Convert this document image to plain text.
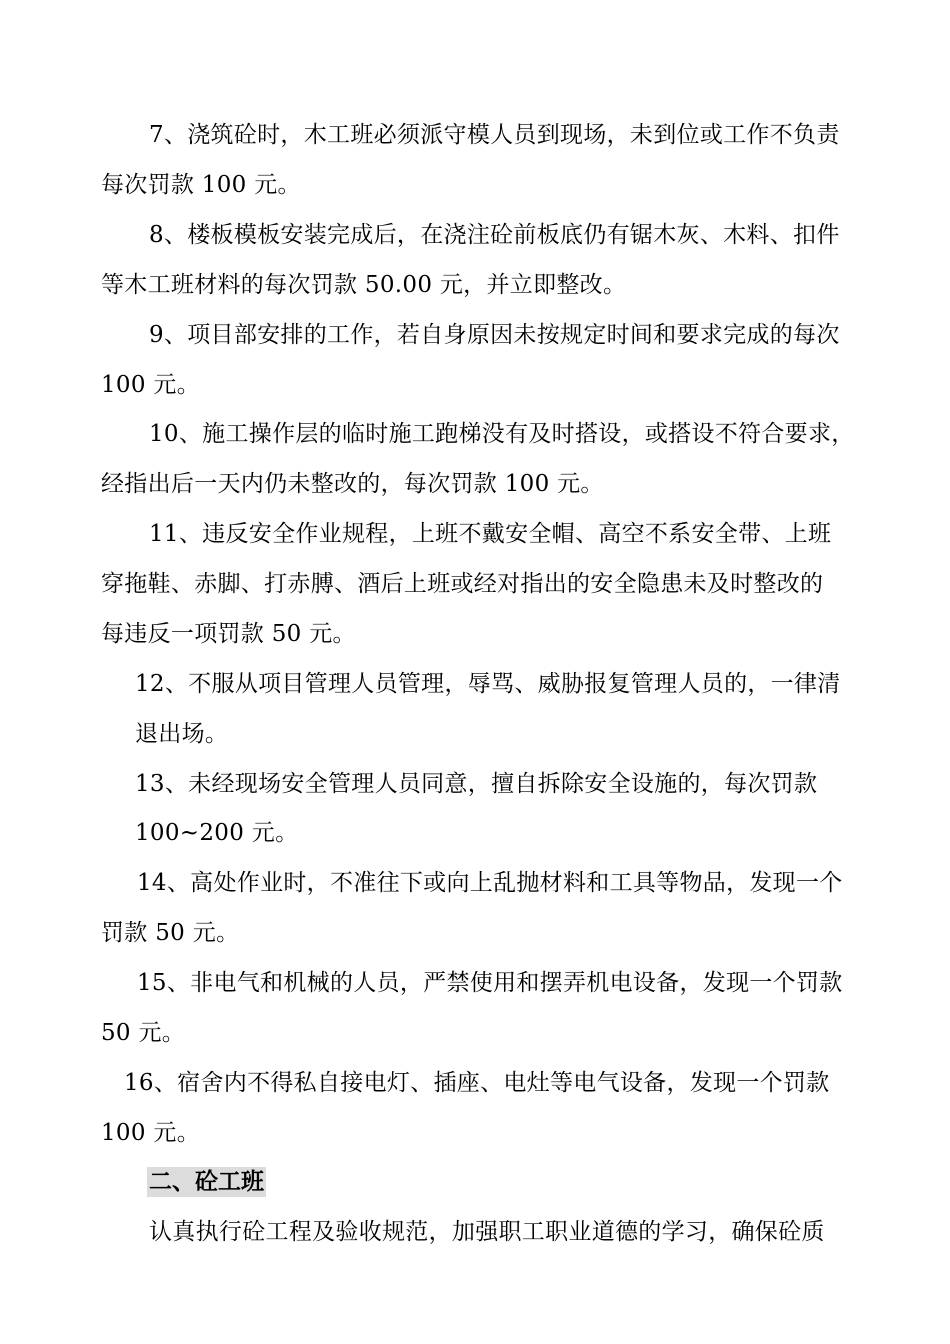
7、浇筑砼时，木工班必须派守模人员到现场，未到位或工作不负责
每次罚款 100 元。
8、楼板模板安装完成后，在浇注砼前板底仍有锯木灰、木料、扣件
等木工班材料的每次罚款 50.00 元，并立即整改。
9、项目部安排的工作，若自身原因未按规定时间和要求完成的每次
100 元。
10、施工操作层的临时施工跑梯没有及时搭设，或搭设不符合要求，
经指出后一天内仍未整改的，每次罚款 100 元。
11、违反安全作业规程，上班不戴安全帽、高空不系安全带、上班
穿拖鞋、赤脚、打赤膊、酒后上班或经对指出的安全隐患未及时整改的
每违反一项罚款 50 元。
12、不服从项目管理人员管理，辱骂、威胁报复管理人员的，一律清
退出场。
13、未经现场安全管理人员同意，擅自拆除安全设施的，每次罚款
100~200 元。
14、高处作业时，不准往下或向上乱抛材料和工具等物品，发现一个
罚款 50 元。
15、非电气和机械的人员，严禁使用和摆弄机电设备，发现一个罚款
50 元。
16、宿舍内不得私自接电灯、插座、电灶等电气设备，发现一个罚款
100 元。
二、砼工班
认真执行砼工程及验收规范，加强职工职业道德的学习，确保砼质
